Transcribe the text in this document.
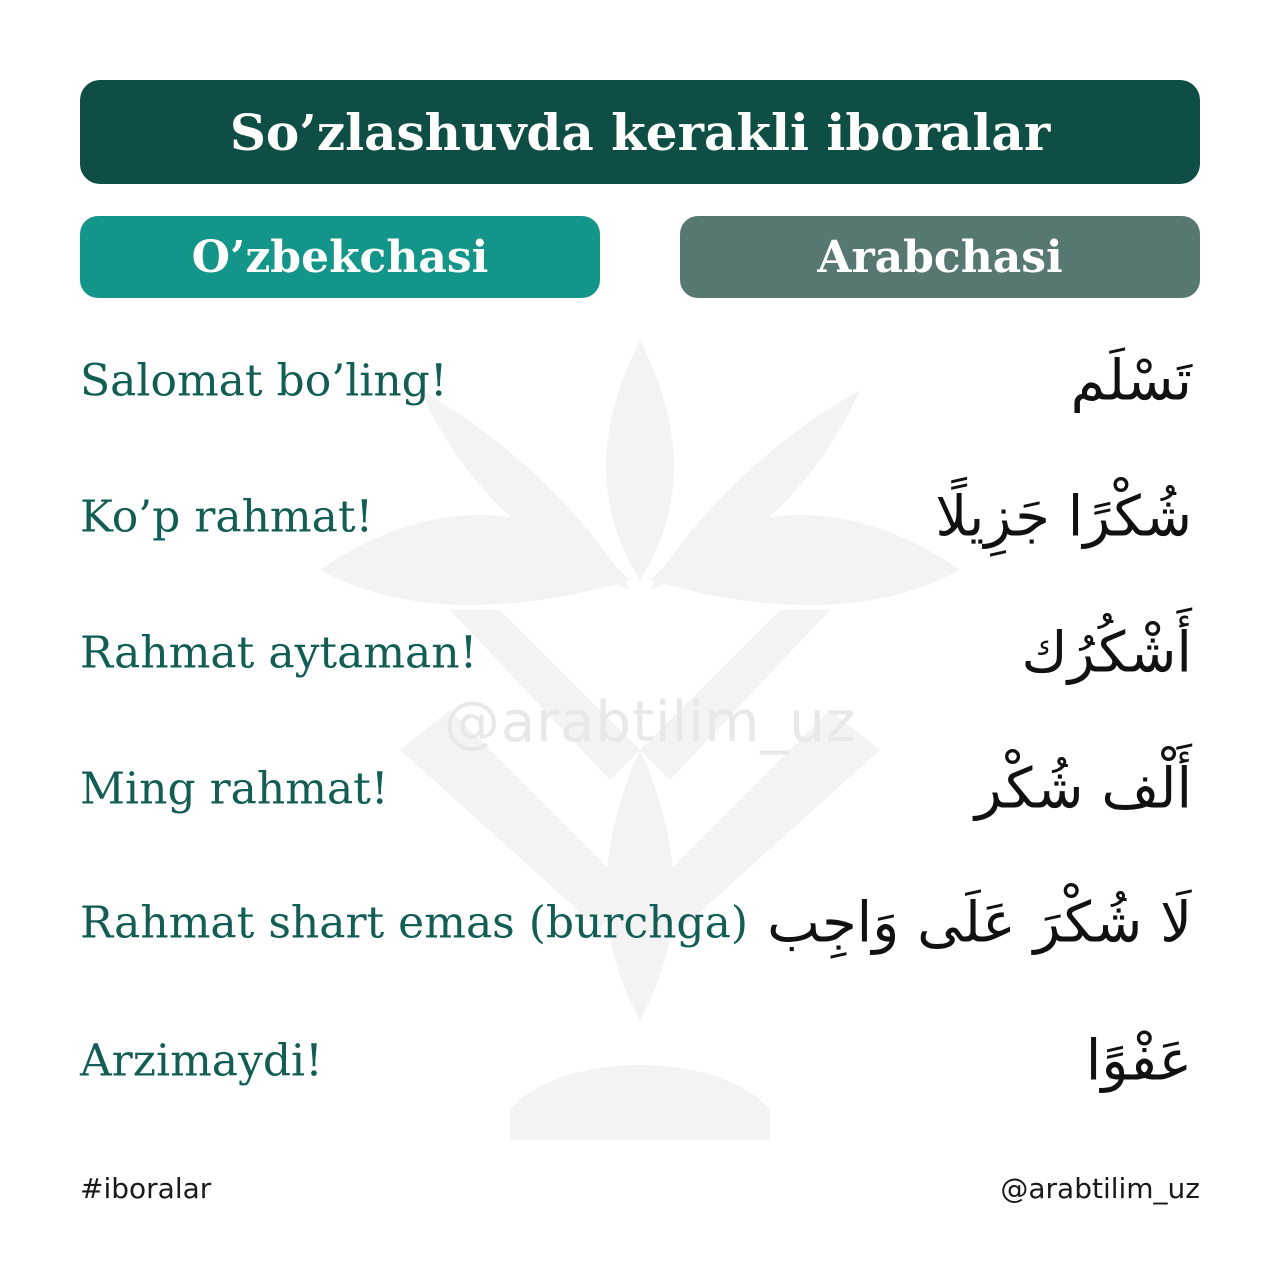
@arabtilim_uz
So’zlashuvda kerakli iboralar
O’zbekchasi	Arabchasi
Salomat bo’ling!	تَسْلَم
Ko’p rahmat!	شُكْرًا جَزِيلًا
Rahmat aytaman!	أَشْكُرُك
Ming rahmat!	أَلْف شُكْر
Rahmat shart emas (burchga) لَا شُكْرَ عَلَى وَاجِب
Arzimaydi!	عَفْوًا
#iboralar	@arabtilim_uz
